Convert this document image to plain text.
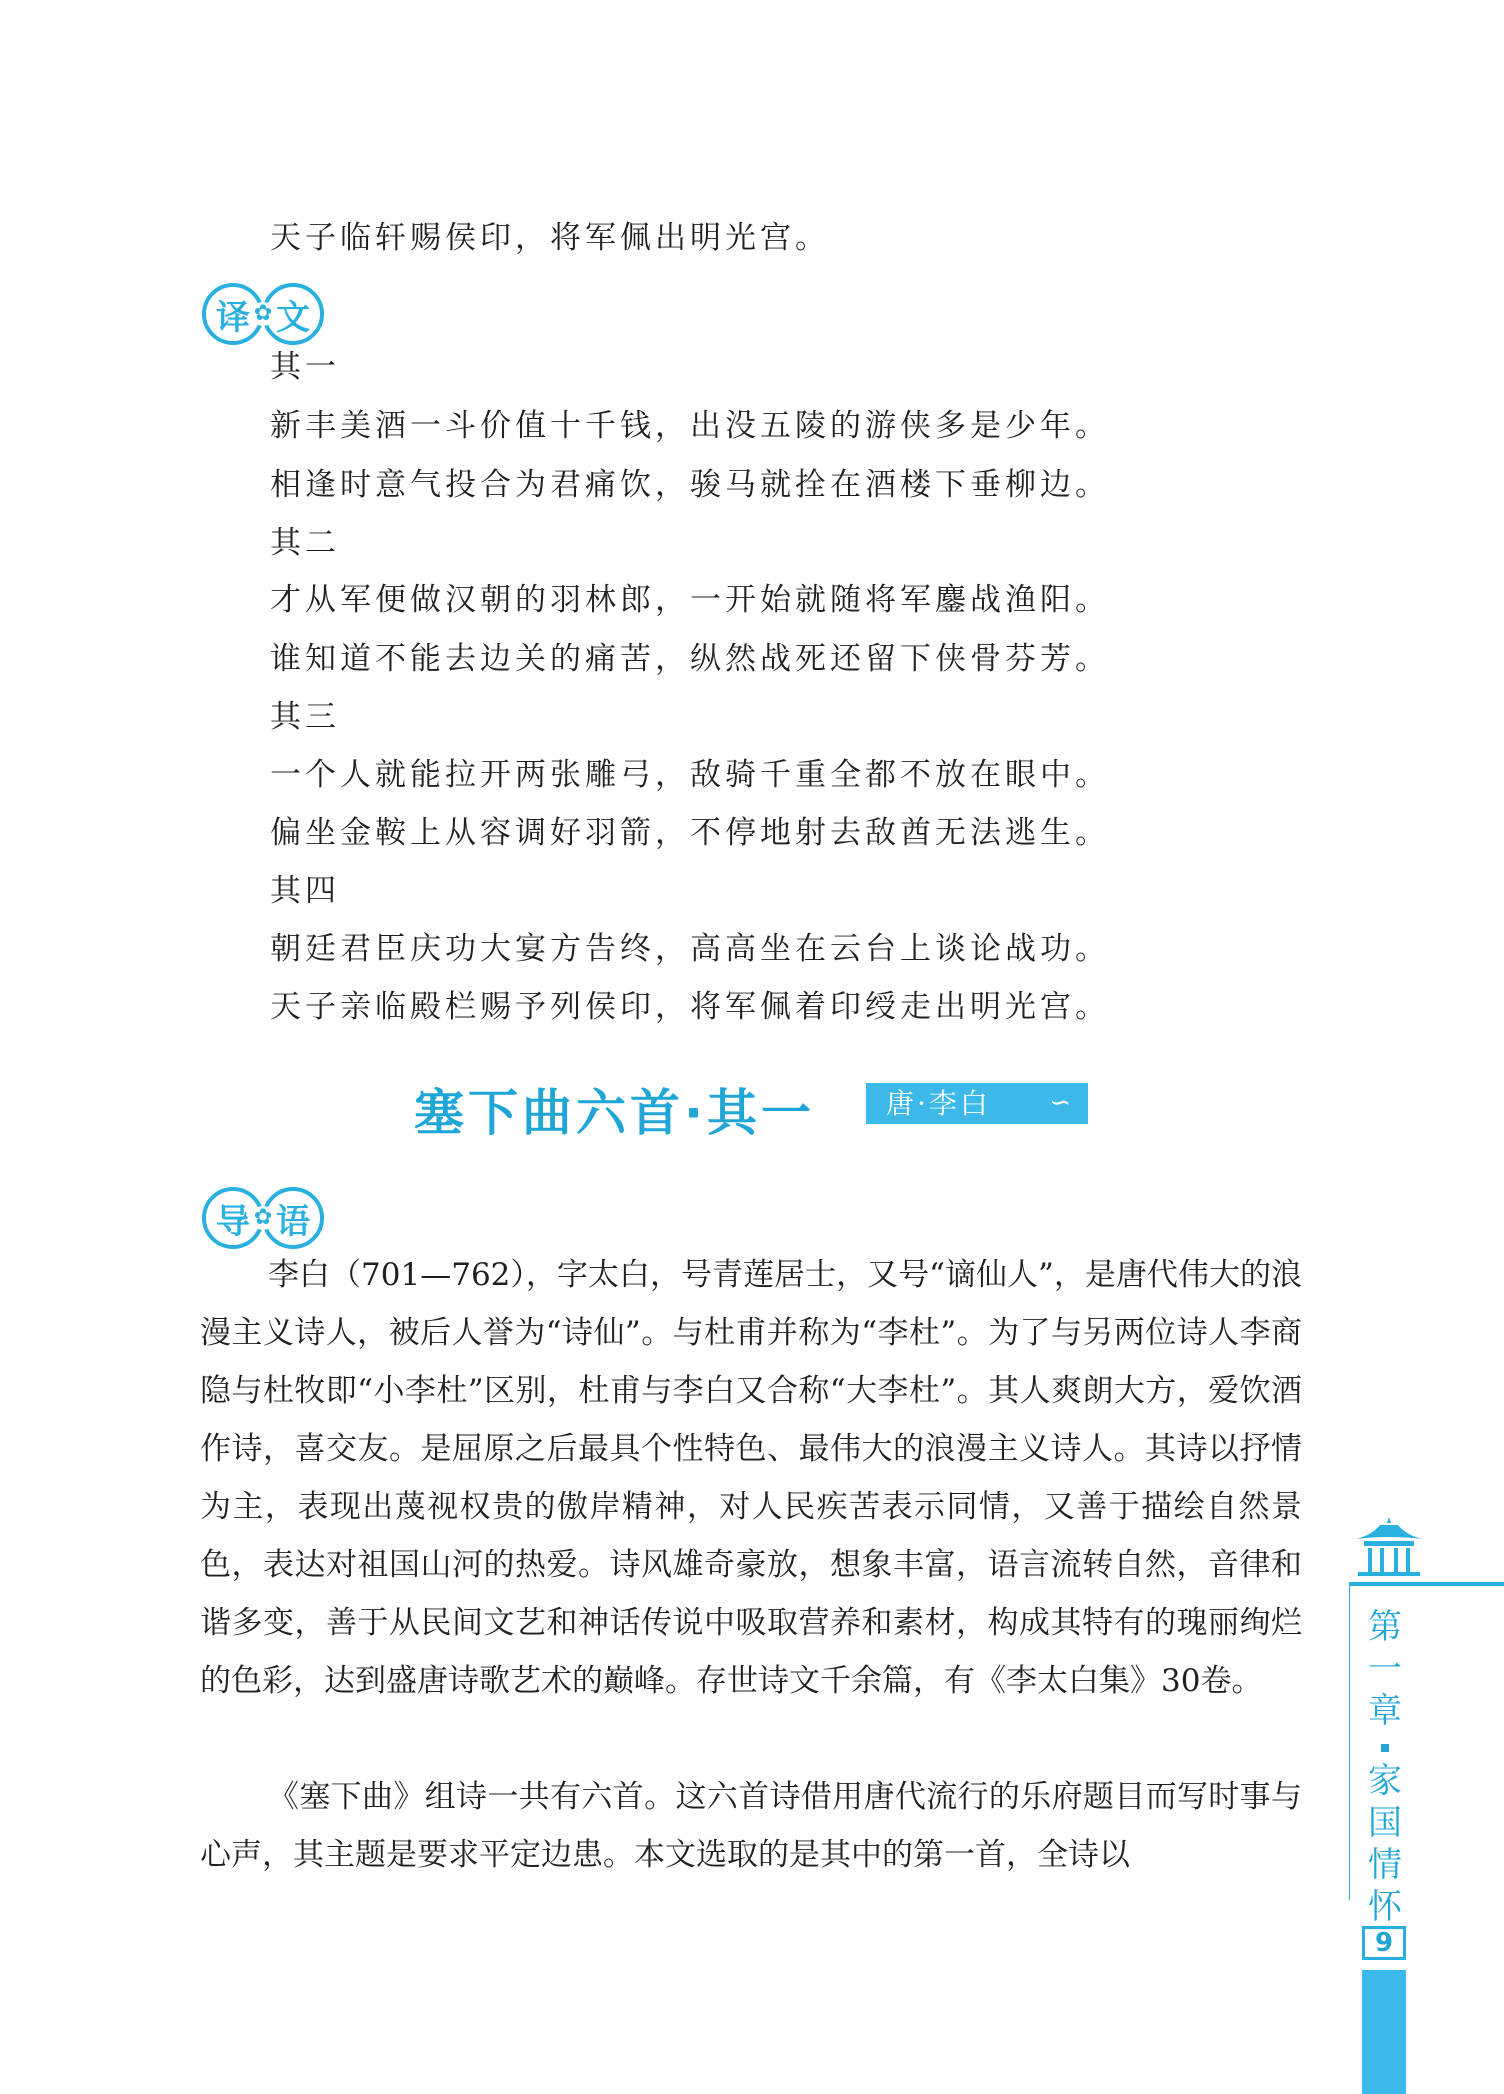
天子临轩赐侯印，将军佩出明光宫。
译 文
✿
其一
新丰美酒一斗价值十千钱，出没五陵的游侠多是少年。
相逢时意气投合为君痛饮，骏马就拴在酒楼下垂柳边。
其二
才从军便做汉朝的羽林郎，一开始就随将军鏖战渔阳。
谁知道不能去边关的痛苦，纵然战死还留下侠骨芬芳。
其三
一个人就能拉开两张雕弓，敌骑千重全都不放在眼中。
偏坐金鞍上从容调好羽箭，不停地射去敌酋无法逃生。
其四
朝廷君臣庆功大宴方告终，高高坐在云台上谈论战功。
天子亲临殿栏赐予列侯印，将军佩着印绶走出明光宫。
塞下曲六首·其一	唐·李白 ∽
导 语
✿
李白（701—762），字太白，号青莲居士，又号“谪仙人”，是唐代伟大的浪漫主义诗人，被后人誉为“诗仙”。与杜甫并称为“李杜”。为了与另两位诗人李商隐与杜牧即“小李杜”区别，杜甫与李白又合称“大李杜”。其人爽朗大方，爱饮酒作诗，喜交友。是屈原之后最具个性特色、最伟大的浪漫主义诗人。其诗以抒情为主，表现出蔑视权贵的傲岸精神，对人民疾苦表示同情，又善于描绘自然景色，表达对祖国山河的热爱。诗风雄奇豪放，想象丰富，语言流转自然，音律和谐多变，善于从民间文艺和神话传说中吸取营养和素材，构成其特有的瑰丽绚烂的色彩，达到盛唐诗歌艺术的巅峰。存世诗文千余篇，有《李太白集》30卷。
《塞下曲》组诗一共有六首。这六首诗借用唐代流行的乐府题目而写时事与心声，其主题是要求平定边患。本文选取的是其中的第一首，全诗以
第
一
章
家
国
情
怀
9
